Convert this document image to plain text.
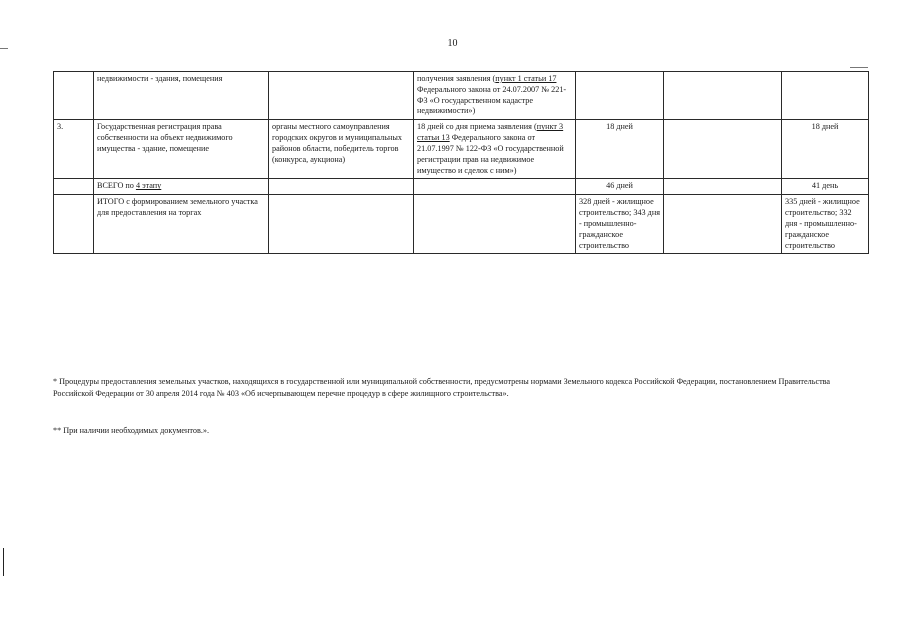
10
	недвижимости - здания, помещения		получения заявления (пункт 1 статьи 17 Федерального закона от 24.07.2007 № 221-ФЗ «О государственном кадастре недвижимости»)			
3.	Государственная регистрация права собственности на объект недвижимого имущества - здание, помещение	органы местного самоуправления городских округов и муниципальных районов области, победитель торгов (конкурса, аукциона)	18 дней со дня приема заявления (пункт 3 статьи 13 Федерального закона от 21.07.1997 № 122-ФЗ «О государственной регистрации прав на недвижимое имущество и сделок с ним»)	18 дней		18 дней
	ВСЕГО по 4 этапу			46 дней		41 день
	ИТОГО с формированием земельного участка для предоставления на торгах			328 дней - жилищное строительство; 343 дня - промышленно-гражданское строительство		335 дней - жилищное строительство; 332 дня - промышленно-гражданское строительство
* Процедуры предоставления земельных участков, находящихся в государственной или муниципальной собственности, предусмотрены нормами Земельного кодекса Российской Федерации, постановлением Правительства Российской Федерации от 30 апреля 2014 года № 403 «Об исчерпывающем перечне процедур в сфере жилищного строительства».
** При наличии необходимых документов.».
